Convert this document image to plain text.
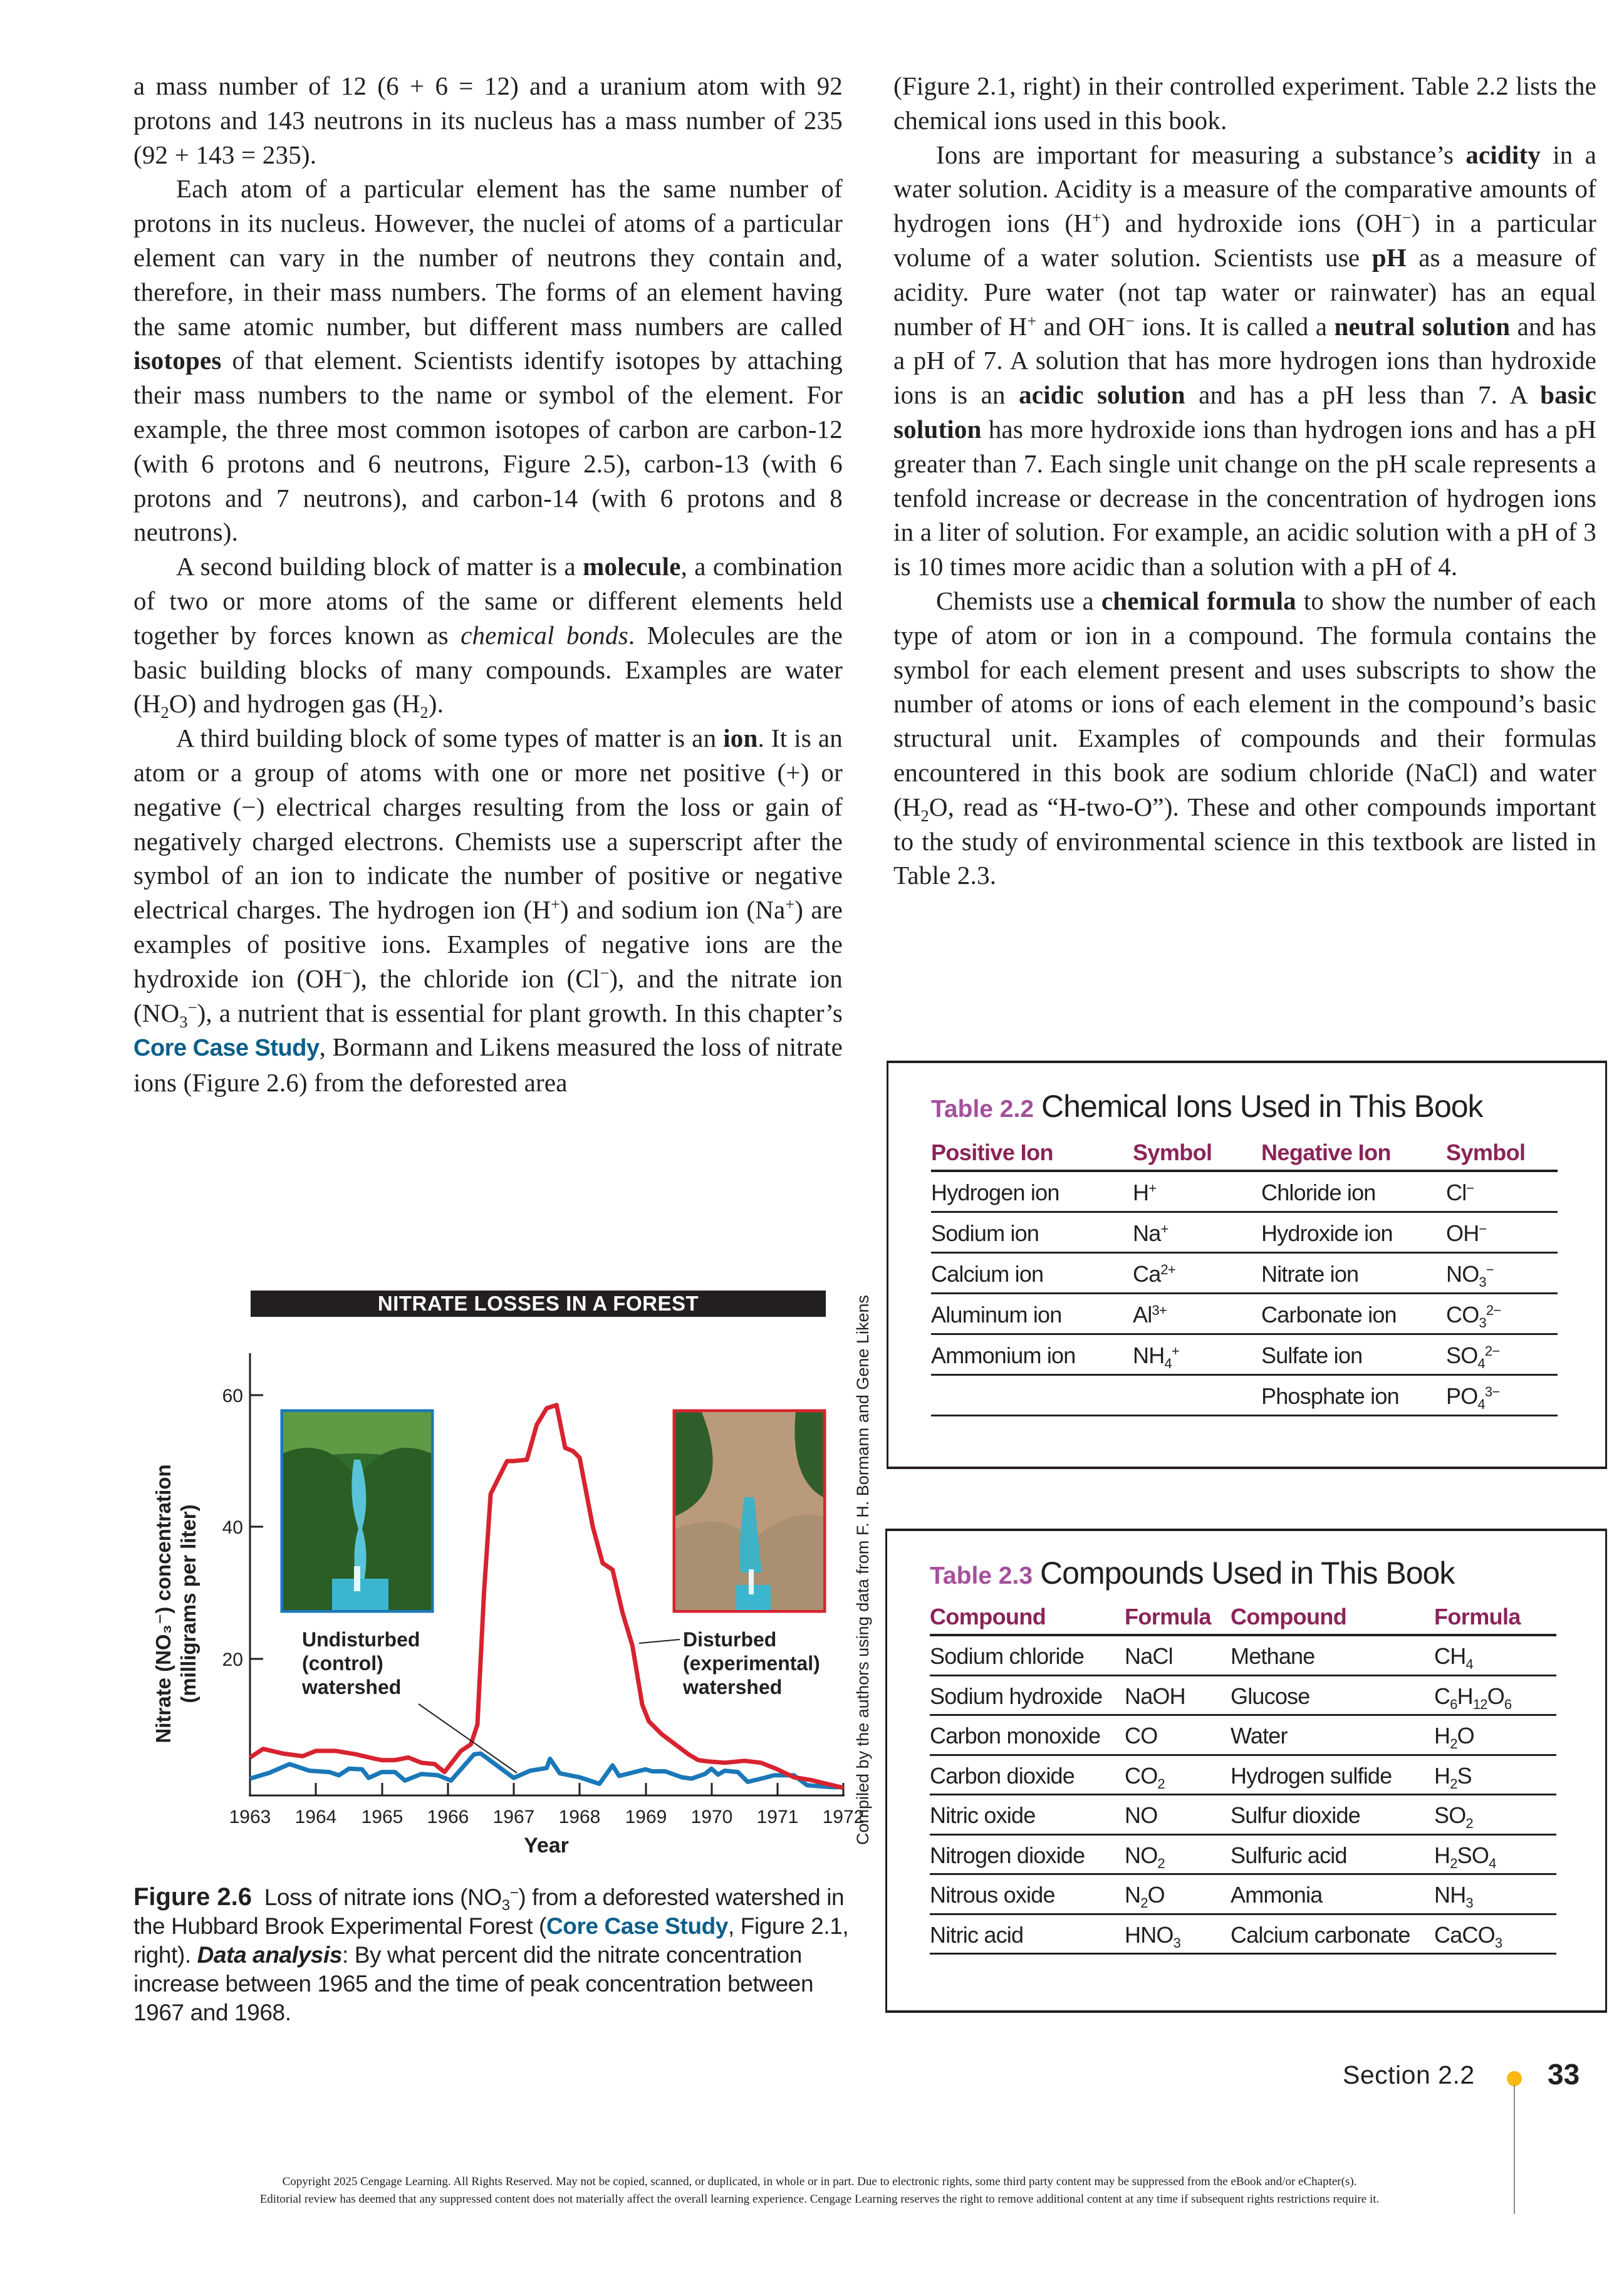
a mass number of 12 (6 + 6 = 12) and a uranium atom with 92 protons and 143 neutrons in its nucleus has a mass number of 235 (92 + 143 = 235).

Each atom of a particular element has the same number of protons in its nucleus. However, the nuclei of atoms of a particular element can vary in the number of neutrons they contain and, therefore, in their mass numbers. The forms of an element having the same atomic number, but different mass numbers are called isotopes of that element. Scientists identify isotopes by attaching their mass numbers to the name or symbol of the element. For example, the three most common isotopes of carbon are carbon-12 (with 6 protons and 6 neutrons, Figure 2.5), carbon-13 (with 6 protons and 7 neutrons), and carbon-14 (with 6 protons and 8 neutrons).

A second building block of matter is a molecule, a combination of two or more atoms of the same or different elements held together by forces known as chemical bonds. Molecules are the basic building blocks of many compounds. Examples are water $(H_2O)$ and hydrogen gas $(H_2)$.

A third building block of some types of matter is an ion. It is an atom or a group of atoms with one or more net positive (+) or negative (−) electrical charges resulting from the loss or gain of negatively charged electrons. Chemists use a superscript after the symbol of an ion to indicate the number of positive or negative electrical charges. The hydrogen ion (H+) and sodium ion (Na+) are examples of positive ions. Examples of negative ions are the hydroxide ion (OH−), the chloride ion (Cl−), and the nitrate ion $(NO_3^-)$, a nutrient that is essential for plant growth. In this chapter’s Core Case Study, Bormann and Likens measured the loss of nitrate ions (Figure 2.6) from the deforested area

(Figure 2.1, right) in their controlled experiment. Table 2.2 lists the chemical ions used in this book.

Ions are important for measuring a substance’s acidity in a water solution. Acidity is a measure of the comparative amounts of hydrogen ions (H+) and hydroxide ions (OH−) in a particular volume of a water solution. Scientists use pH as a measure of acidity. Pure water (not tap water or rainwater) has an equal number of H+ and OH− ions. It is called a neutral solution and has a pH of 7. A solution that has more hydrogen ions than hydroxide ions is an acidic solution and has a pH less than 7. A basic solution has more hydroxide ions than hydrogen ions and has a pH greater than 7. Each single unit change on the pH scale represents a tenfold increase or decrease in the concentration of hydrogen ions in a liter of solution. For example, an acidic solution with a pH of 3 is 10 times more acidic than a solution with a pH of 4.

Chemists use a chemical formula to show the number of each type of atom or ion in a compound. The formula contains the symbol for each element present and uses subscripts to show the number of atoms or ions of each element in the compound’s basic structural unit. Examples of compounds and their formulas encountered in this book are sodium chloride (NaCl) and water ($H_2O$, read as “H-two-O”). These and other compounds important to the study of environmental science in this textbook are listed in Table 2.3.

60
40
20
1963 1964 1965 1966 1967 1968 1969 1970 1971 1972
Year
Nitrate (NO₃⁻) concentration (milligrams per liter)	Undisturbed
(control)
watershed
Disturbed
(experimental)
watershed
NITRATE LOSSES IN A FOREST	Compiled by the authors using data from F. H. Bormann and Gene Likens
Figure 2.6 Loss of nitrate ions $(NO_3^-)$ from a deforested watershed in the Hubbard Brook Experimental Forest (Core Case Study, Figure 2.1, right). Data analysis: By what percent did the nitrate concentration increase between 1965 and the time of peak concentration between 1967 and 1968.
Table 2.2 Chemical Ions Used in This Book
Positive Ion	Symbol Negative Ion Symbol
Hydrogen ion	H+	Chloride ion	Cl−
Sodium ion	Na+	Hydroxide ion OH−
Calcium ion	$Ca^{2+}$	Nitrate ion	$NO_3^-$
Aluminum ion	$Al^{3+}$	Carbonate ion $CO_3^{2-}$
Ammonium ion	$NH_4^+$	Sulfate ion	$SO_4^{2-}$
Phosphate ion $PO_4^{3-}$
Table 2.3 Compounds Used in This Book
Compound	Formula Compound	Formula
Sodium chloride NaCl	Methane	$CH_4$
Sodium hydroxide NaOH Glucose	$C_6H_{12}O_6$
Carbon monoxide CO	Water	$H_2O$
Carbon dioxide $CO_2$	Hydrogen sulfide $H_2S$
Nitric oxide	NO	Sulfur dioxide	$SO_2$
Nitrogen dioxide $NO_2$	Sulfuric acid	$H_2SO_4$
Nitrous oxide	$N_2O$	Ammonia	$NH_3$
Nitric acid	$HNO_3$ Calcium carbonate CaCO$_3$
Section 2.2	33
Copyright 2025 Cengage Learning. All Rights Reserved. May not be copied, scanned, or duplicated, in whole or in part. Due to electronic rights, some third party content may be suppressed from the eBook and/or eChapter(s).
Editorial review has deemed that any suppressed content does not materially affect the overall learning experience. Cengage Learning reserves the right to remove additional content at any time if subsequent rights restrictions require it.
